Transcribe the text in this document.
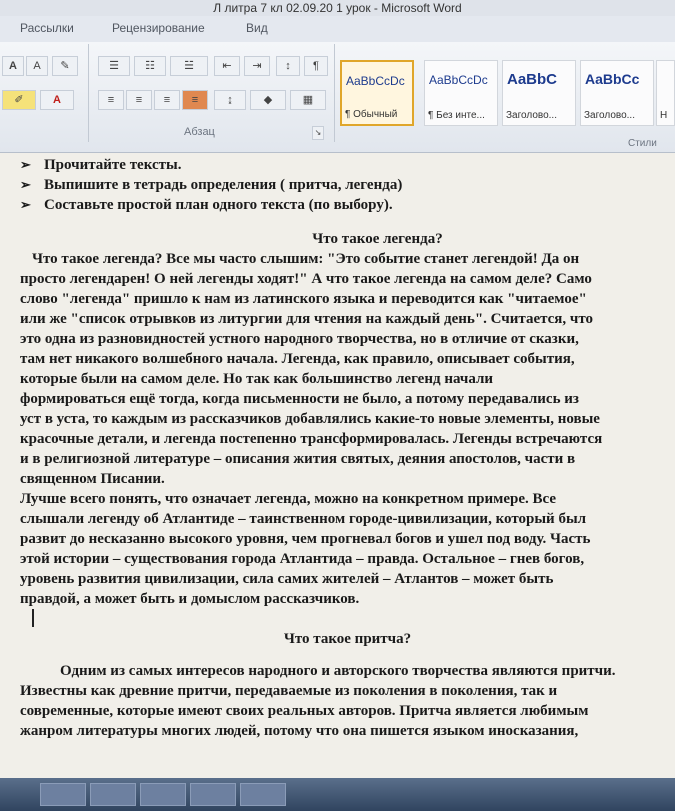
Л литра 7 кл 02.09.20 1 урок - Microsoft Word
Рассылки	Рецензирование	Вид
A	A	✎
✐	A
☰	☷	☱	⇤	⇥	↕	¶
≡	≡	≡	≡	↨	◆	▦
Абзац	↘
AaBbCcDc
¶ Обычный
AaBbCcDc
¶ Без инте...
AaBbC
Заголово...
AaBbCc
Заголово...	Н
Стили
➢ Прочитайте тексты.
➢ Выпишите в тетрадь определения ( притча, легенда)
➢ Составьте простой план одного текста (по выбору).
Что такое легенда?
Что такое легенда? Все мы часто слышим: "Это событие станет легендой! Да он
просто легендарен! О ней легенды ходят!" А что такое легенда на самом деле? Само
слово "легенда" пришло к нам из латинского языка и переводится как "читаемое"
или же "список отрывков из литургии для чтения на каждый день". Считается, что
это одна из разновидностей устного народного творчества, но в отличие от сказки,
там нет никакого волшебного начала. Легенда, как правило, описывает события,
которые были на самом деле. Но так как большинство легенд начали
формироваться ещё тогда, когда письменности не было, а потому передавались из
уст в уста, то каждым из рассказчиков добавлялись какие-то новые элементы, новые
красочные детали, и легенда постепенно трансформировалась. Легенды встречаются
и в религиозной литературе – описания жития святых, деяния апостолов, части в
священном Писании.
Лучше всего понять, что означает легенда, можно на конкретном примере. Все
слышали легенду об Атлантиде – таинственном городе-цивилизации, который был
развит до несказанно высокого уровня, чем прогневал богов и ушел под воду. Часть
этой истории – существования города Атлантида – правда. Остальное – гнев богов,
уровень развития цивилизации, сила самих жителей – Атлантов – может быть
правдой, а может быть и домыслом рассказчиков.
Что такое притча?
Одним из самых интересов народного и авторского творчества являются притчи.
Известны как древние притчи, передаваемые из поколения в поколения, так и
современные, которые имеют своих реальных авторов. Притча является любимым
жанром литературы многих людей, потому что она пишется языком иносказания,
